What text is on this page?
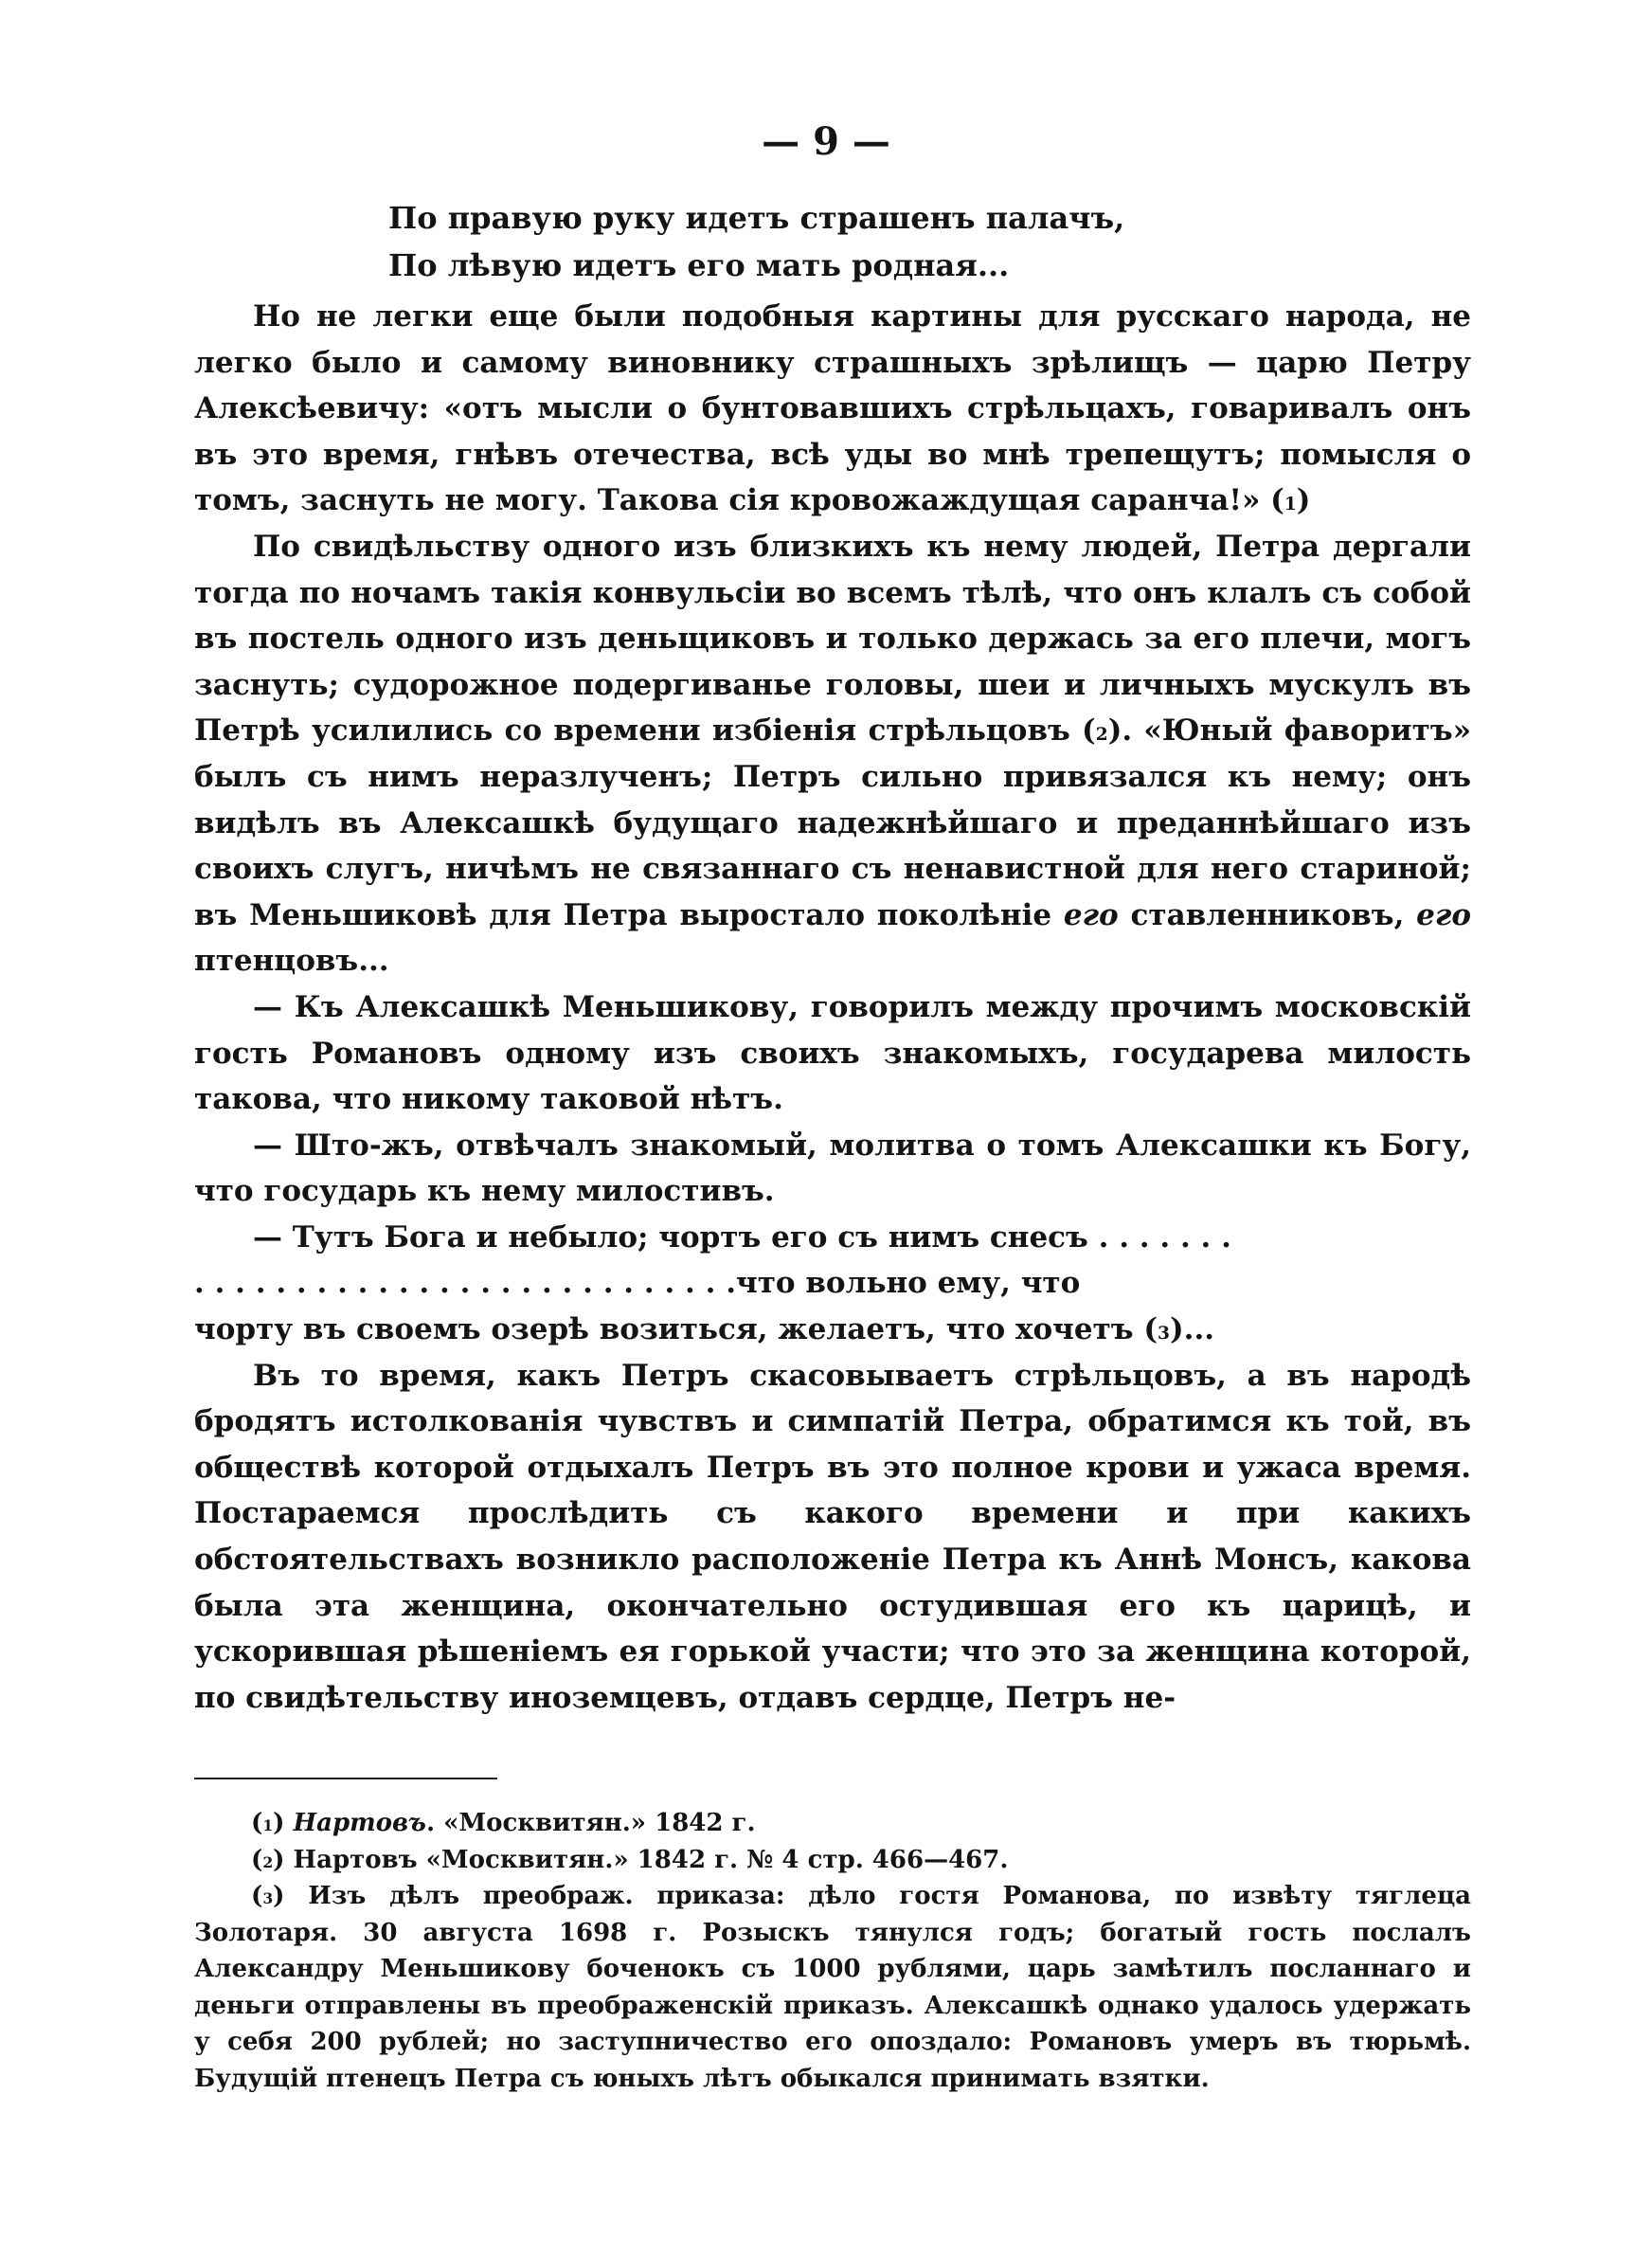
— 9 —
По правую руку идетъ страшенъ палачъ,
По лѣвую идетъ его мать родная...

Но не легки еще были подобныя картины для русскаго народа, не легко было и самому виновнику страшныхъ зрѣлищъ — царю Петру Алексѣевичу: «отъ мысли о бунтовавшихъ стрѣльцахъ, говаривалъ онъ въ это время, гнѣвъ отечества, всѣ уды во мнѣ трепещутъ; помысля о томъ, заснуть не могу. Такова сія кровожаждущая саранча!» ($^1$)

По свидѣльству одного изъ близкихъ къ нему людей, Петра дергали тогда по ночамъ такія конвульсіи во всемъ тѣлѣ, что онъ клалъ съ собой въ постель одного изъ деньщиковъ и только держась за его плечи, могъ заснуть; судорожное подергиванье головы, шеи и личныхъ мускулъ въ Петрѣ усилились со времени избіенія стрѣльцовъ ($^2$). «Юный фаворитъ» былъ съ нимъ неразлученъ; Петръ сильно привязался къ нему; онъ видѣлъ въ Алексашкѣ будущаго надежнѣйшаго и преданнѣйшаго изъ своихъ слугъ, ничѣмъ не связаннаго съ ненавистной для него стариной; въ Меньшиковѣ для Петра выростало поколѣніе его ставленниковъ, его птенцовъ...

— Къ Алексашкѣ Меньшикову, говорилъ между прочимъ московскій гость Романовъ одному изъ своихъ знакомыхъ, государева милость такова, что никому таковой нѣтъ.

— Што-жъ, отвѣчалъ знакомый, молитва о томъ Алексашки къ Богу, что государь къ нему милостивъ.

— Тутъ Бога и небыло; чортъ его съ нимъ снесъ . . . . . . .

. . . . . . . . . . . . . . . . . . . . . . . . . . .что вольно ему, что

чорту въ своемъ озерѣ возиться, желаетъ, что хочетъ ($^3$)...

Въ то время, какъ Петръ скасовываетъ стрѣльцовъ, а въ народѣ бродятъ истолкованія чувствъ и симпатій Петра, обратимся къ той, въ обществѣ которой отдыхалъ Петръ въ это полное крови и ужаса время. Постараемся прослѣдить съ какого времени и при какихъ обстоятельствахъ возникло расположеніе Петра къ Аннѣ Монсъ, какова была эта женщина, окончательно остудившая его къ царицѣ, и ускорившая рѣшеніемъ ея горькой участи; что это за женщина которой, по свидѣтельству иноземцевъ, отдавъ сердце, Петръ не-

($^1$) Нартовъ. «Москвитян.» 1842 г.

($^2$) Нартовъ «Москвитян.» 1842 г. № 4 стр. 466—467.

($^3$) Изъ дѣлъ преображ. приказа: дѣло гостя Романова, по извѣту тяглеца Золотаря. 30 августа 1698 г. Розыскъ тянулся годъ; богатый гость послалъ Александру Меньшикову боченокъ съ 1000 рублями, царь замѣтилъ посланнаго и деньги отправлены въ преображенскій приказъ. Алексашкѣ однако удалось удержать у себя 200 рублей; но заступничество его опоздало: Романовъ умеръ въ тюрьмѣ. Будущій птенецъ Петра съ юныхъ лѣтъ обыкался принимать взятки.
